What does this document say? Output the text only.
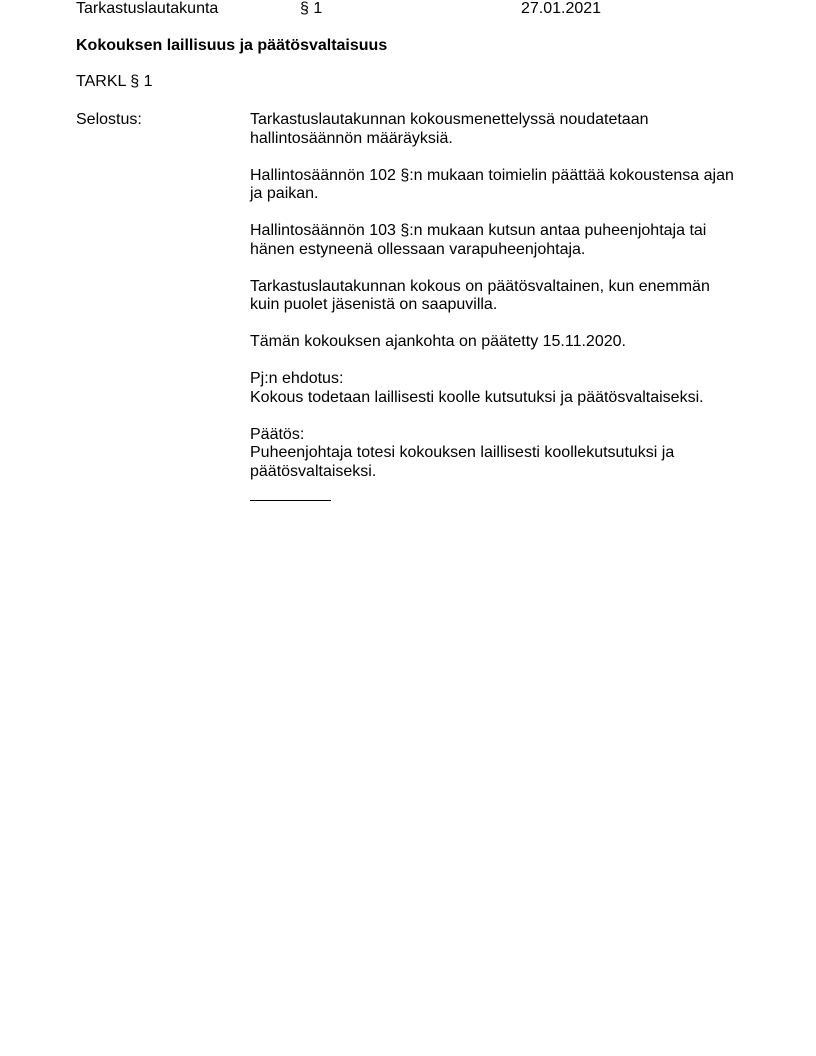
Tarkastuslautakunta	§ 1	27.01.2021
Kokouksen laillisuus ja päätösvaltaisuus
TARKL § 1
Selostus:	Tarkastuslautakunnan kokousmenettelyssä noudatetaan
hallintosäännön määräyksiä.
Hallintosäännön 102 §:n mukaan toimielin päättää kokoustensa ajan
ja paikan.
Hallintosäännön 103 §:n mukaan kutsun antaa puheenjohtaja tai
hänen estyneenä ollessaan varapuheenjohtaja.
Tarkastuslautakunnan kokous on päätösvaltainen, kun enemmän
kuin puolet jäsenistä on saapuvilla.
Tämän kokouksen ajankohta on päätetty 15.11.2020.
Pj:n ehdotus:
Kokous todetaan laillisesti koolle kutsutuksi ja päätösvaltaiseksi.
Päätös:
Puheenjohtaja totesi kokouksen laillisesti koollekutsutuksi ja
päätösvaltaiseksi.
